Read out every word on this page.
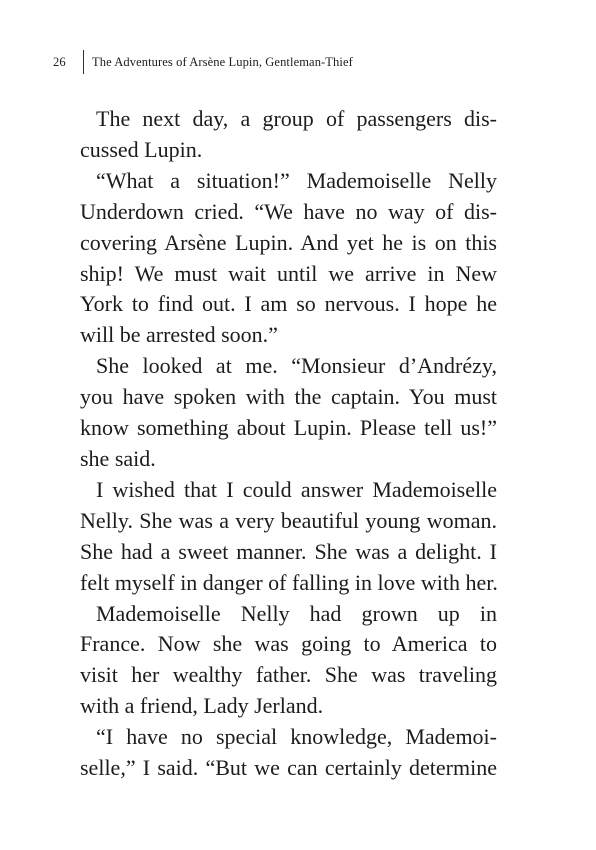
26	The Adventures of Arsène Lupin, Gentleman-Thief
The next day, a group of passengers dis-
cussed Lupin.
“What a situation!” Mademoiselle Nelly
Underdown cried. “We have no way of dis-
covering Arsène Lupin. And yet he is on this
ship! We must wait until we arrive in New
York to find out. I am so nervous. I hope he
will be arrested soon.”
She looked at me. “Monsieur d’Andrézy,
you have spoken with the captain. You must
know something about Lupin. Please tell us!”
she said.
I wished that I could answer Mademoiselle
Nelly. She was a very beautiful young woman.
She had a sweet manner. She was a delight. I
felt myself in danger of falling in love with her.
Mademoiselle Nelly had grown up in
France. Now she was going to America to
visit her wealthy father. She was traveling
with a friend, Lady Jerland.
“I have no special knowledge, Mademoi-
selle,” I said. “But we can certainly determine
